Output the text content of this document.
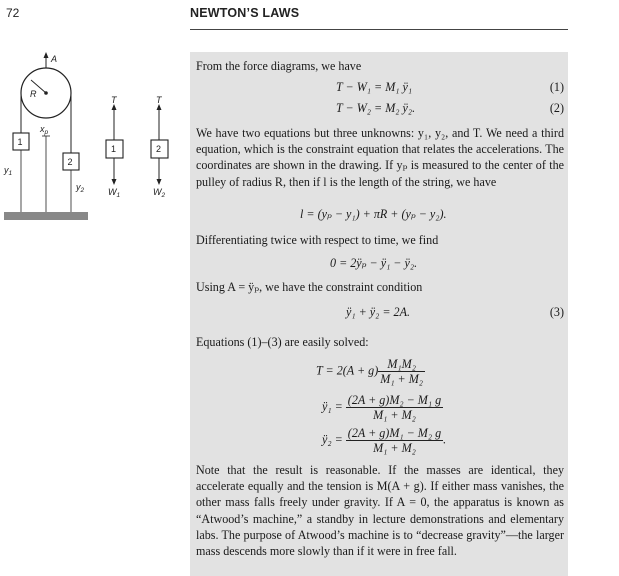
72	NEWTON’S LAWS
R
A
$x_p$
1
$y_1$
2
$y_2$
T
1
$W_1$
T
2
$W_2$
From the force diagrams, we have
T − W₁ = M₁ ÿ₁	(1)
T − W₂ = M₂ ÿ₂.	(2)
We have two equations but three unknowns: y₁, y₂, and T. We need a third equation, which is the constraint equation that relates the accelerations. The coordinates are shown in the drawing. If yₚ is measured to the center of the pulley of radius R, then if l is the length of the string, we have
l = (yₚ − y₁) + πR + (yₚ − y₂).
Differentiating twice with respect to time, we find
0 = 2ÿₚ − ÿ₁ − ÿ₂.
Using A = ÿₚ, we have the constraint condition
ÿ₁ + ÿ₂ = 2A.	(3)
Equations (1)–(3) are easily solved:
$T = 2(A + g) \frac{\text{M₁M₂}}{\text{M₁ + M₂}}$
ÿ₁ = $\frac{\text{(2A + g)M₂ − M₁ g}}{\text{M₁ + M₂}}$
ÿ₂ = $\frac{\text{(2A + g)M₁ − M₂ g}}{\text{M₁ + M₂}}$ .
Note that the result is reasonable. If the masses are identical, they accelerate equally and the tension is M(A + g). If either mass vanishes, the other mass falls freely under gravity. If A = 0, the apparatus is known as “Atwood’s machine,” a standby in lecture demonstrations and elementary labs. The purpose of Atwood’s machine is to “decrease gravity”—the larger mass descends more slowly than if it were in free fall.
